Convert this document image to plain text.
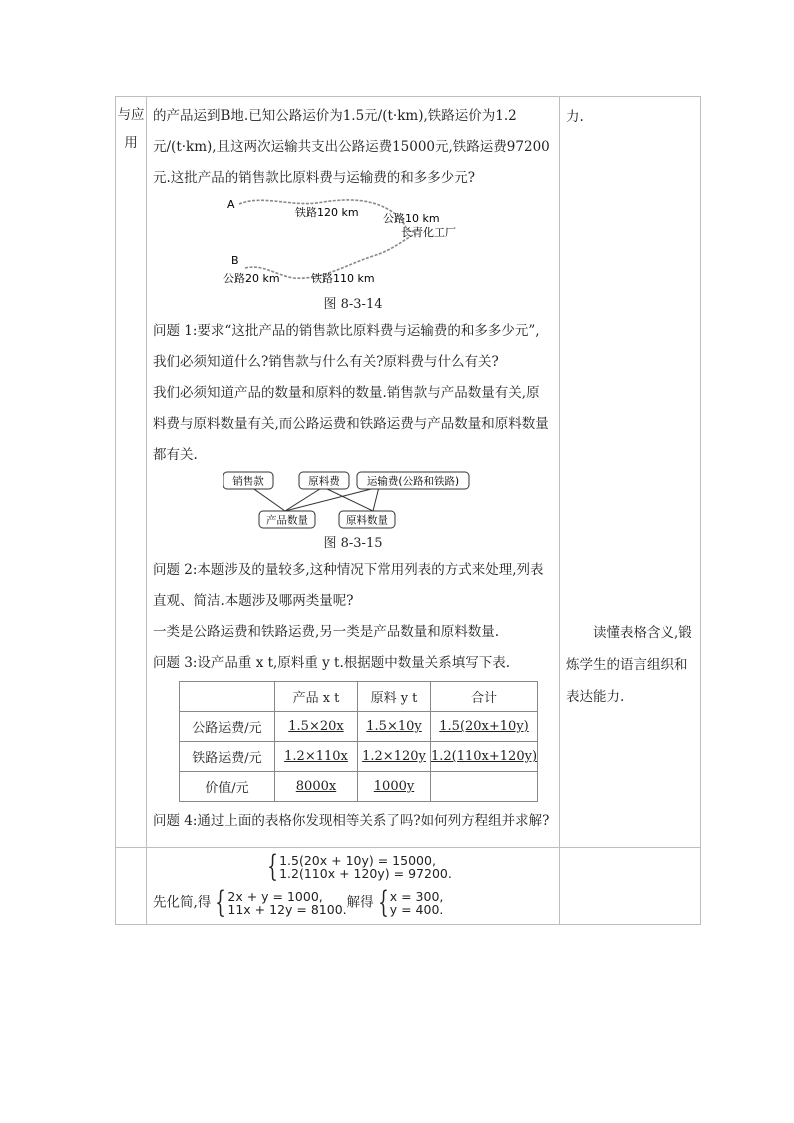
与应用	

的产品运到B地.已知公路运价为1.5元/(t·km),铁路运价为1.2元/(t·km),且这两次运输共支出公路运费15000元,铁路运费97200元.这批产品的销售款比原料费与运输费的和多多少元?

A
B
铁路120 km 公路10 km
长青化工厂
公路20 km	铁路110 km
图 8-3-14

问题 1:要求“这批产品的销售款比原料费与运输费的和多多少元”,我们必须知道什么?销售款与什么有关?原料费与什么有关?

我们必须知道产品的数量和原料的数量.销售款与产品数量有关,原料费与原料数量有关,而公路运费和铁路运费与产品数量和原料数量都有关.

销售款	原料费	运输费(公路和铁路)
产品数量	原料数量
图 8-3-15

问题 2:本题涉及的量较多,这种情况下常用列表的方式来处理,列表直观、简洁.本题涉及哪两类量呢?

一类是公路运费和铁路运费,另一类是产品数量和原料数量.

问题 3:设产品重 x t,原料重 y t.根据题中数量关系填写下表.

	产品 x t	原料 y t	合计
公路运费/元	1.5×20x	1.5×10y	1.5(20x+10y)
铁路运费/元	1.2×110x	1.2×120y	1.2(110x+120y)
价值/元	8000x	1000y	

问题 4:通过上面的表格你发现相等关系了吗?如何列方程组并求解?

力.
读懂表格含义,锻炼学生的语言组织和表达能力.

{ 1.5(20x + 10y) = 15000,
1.2(110x + 120y) = 97200.
先化简,得 { 2x + y = 1000,
11x + 12y = 8100. 解得 { x = 300,
y = 400.
